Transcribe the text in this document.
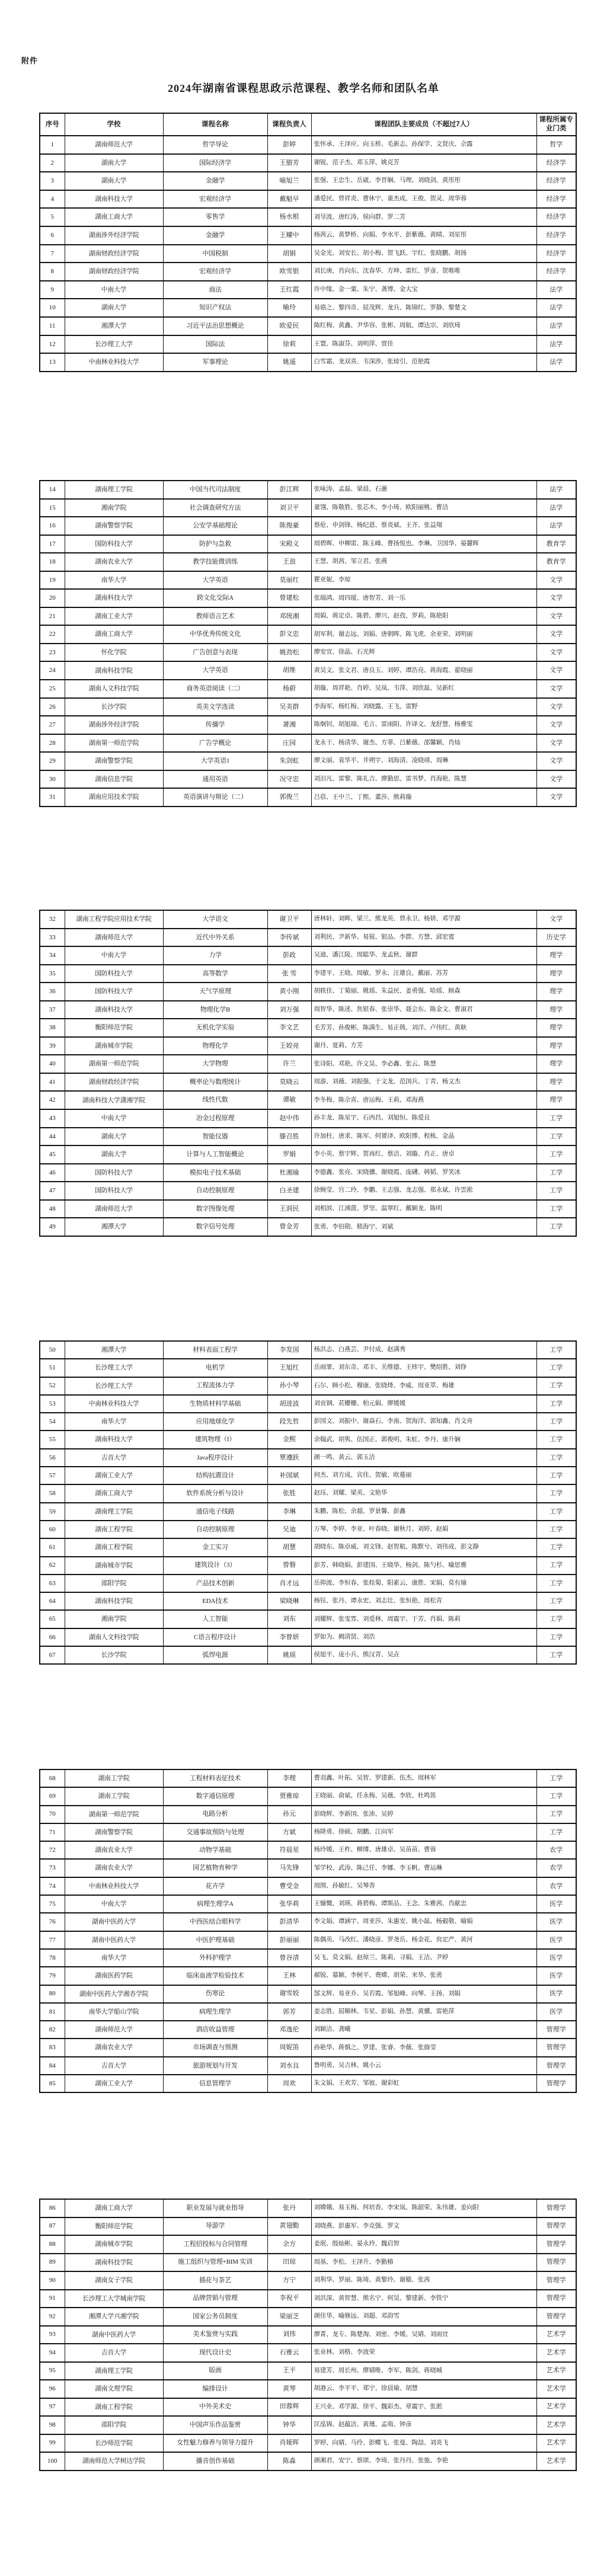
附件
2024年湖南省课程思政示范课程、教学名师和团队名单
序号	学校	课程名称	课程负责人	课程团队主要成员（不超过7人）	课程所属专业门类
1	湖南师范大学	哲学导论	彭婷	张怀承、王泽应、向玉桥、毛新志、孙保学、文贤庆、佘露	哲学
2	湖南大学	国际经济学	王腊芳	谢锐、范子杰、邓玉萍、姚克芳	经济学
3	湖南大学	金融学	喻旭兰	张强、王忠生、岳崴、李晋娴、马理、刘晓剑、黄彤彤	经济学
4	湖南科技大学	宏观经济学	戴魁早	潘爱民、曾祥炎、曹休宁、童杰成、王俊、贺灵、周华蓉	经济学
5	湖南工商大学	零售学	杨水根	刘导波、唐红涛、侯向群、罗二芳	经济学
6	湖南涉外经济学院	金融学	王耀中	杨茜云、黄梦桥、向娟、李水平、彭紫薇、黄晴、刘星彤	经济学
7	湖南财政经济学院	中国税制	胡娟	吴金光、刘安长、胡小梅、贺飞跃、宇红、张晓鹏、胡扬	经济学
8	湖南财政经济学院	宏观经济学	欧雪银	刘长庚、肖向东、沈春华、方坤、雷红、罗彦、贺唯唯	经济学
9	中南大学	商法	王红霞	许中缘、金一粟、朱宁、龚博、金大宝	法学
10	湖南大学	知识产权法	喻玲	易骆之、黎四奇、屈茂辉、龙兵、陈锦红、罗静、黎楚文	法学
11	湘潭大学	习近平法治思想概论	欧爱民	陈红梅、黄鑫、尹华容、张彬、周航、谭达宗、刘欣琦	法学
12	长沙理工大学	国际法	徐莉	王寰、陈淑芬、刘明萍、贾佳	法学
13	中南林业科技大学	军事理论	姚遥	白雪霜、龙双喜、韦深涉、张琼引、范艳霞	法学
14	湖南理工学院	中国当代司法制度	彭江辉	张咏涛、孟磊、梁晨、石蕙	法学
15	湘南学院	社会调查研究方法	刘卫平	童翎、陈敬胜、张芯木、李小琦、欧阳丽桃、曹洁	法学
16	湖南警察学院	公安学基础理论	陈俊豪	蔡伦、申剑锋、杨纪恩、蔡炎斌、王齐、张益翔	法学
17	国防科技大学	防护与急救	宋殿义	周碧晖、申柳雷、陈玉峰、曹扬悦也、李琳、卫国华、晏麓晖	教育学
18	湖南农业大学	教学技能微训练	王浪	王慧、胡茜、邹立君、张燕	教育学
19	南华大学	大学英语	莫丽红	瞿亚妮、李琼	文学
20	湖南科技大学	跨文化交际A	曾建松	张瑞鸿、周四瑷、唐智芳、刘一乐	文学
21	湖南工业大学	教师语言艺术	邓统湘	周娟、蒋定卓、陈碧、廖兴、赵孜、罗莉、陈艳阳	文学
22	湖南工商大学	中华优秀传统文化	彭文忠	胡军利、谢志远、刘娟、唐朝晖、陈飞虎、余亚荣、刘明丽	文学
23	怀化学院	广告创意与表现	姚劲松	廖安宜、徐晶、石光辉	文学
24	湖南科技学院	大学英语	胡维	黄昊文、张文君、唐良玉、刘婷、谭浩亮、蒋海霞、翟晓丽	文学
25	湖南人文科技学院	商务英语阅读（二）	杨蔚	胡璇、周祥艳、肖婷、吴岚、韦萍、刘欣磊、吴新红	文学
26	长沙学院	英美文学选读	吴美群	李海军、杨红梅、刘晓露、王飞、雷野	文学
27	湖南涉外经济学院	传播学	萧湘	陈炯钊、胡旭端、毛言、雷雨阳、许译文、龙舒慧、杨雅雯	文学
28	湖南第一师范学院	广告学概论	庄园	龙永干、杨清华、谢杰、方菲、吕紫薇、邵馨颖、肖灿	文学
29	湖南警察学院	大学英语1	朱剑虹	廖文丽、袁华平、井朔宇、刘海清、凌晓靖、周琳	文学
30	湖南信息学院	通用英语	况守忠	刘汨凡、雷黎、陈礼吉、廖勤思、雷书梦、肖海艳、陈慧	文学
31	湖南应用技术学院	英语演讲与辩论（二）	郭俊兰	吕蓓、王中兰、丁熙、董莎、熊莉璇	文学
32	湖南工程学院应用技术学院	大学语文	谢卫平	唐林轩、刘晖、梁兰、熊龙英、曾永卫、杨妍、邓学源	文学
33	湖南师范大学	近代中外关系	李传斌	刘利民、尹新华、易锐、银品、李群、方慧、邱宏霆	历史学
34	中南大学	力学	彭政	吴迪、潘江陵、周聪华、龙孟秋、谢群	理学
35	国防科技大学	高等数学	张 雪	李建平、王晓、周敏、罗永、汪雄良、戴丽、苏芳	理学
36	国防科技大学	天气学原理	黄小刚	胡轶佳、丁菊丽、姚瑶、朱益民、姜勇强、哈瑶、顾森	理学
37	湖南科技大学	物理化学B	刘万强	周智华、陈述、焦银春、张崇华、聂会东、陈金文、曹淑君	理学
38	衡阳师范学院	无机化学实验	李文艺	毛芳芳、孙俊彬、陈满生、易正戟、刘洋、卢伟红、黄耿	理学
39	湖南城市学院	物理化学	王姣亮	谢丹、夏莉、方芳	理学
40	湖南第一师范学院	大学物理	许兰	张诗阳、邓艳、许文昊、李必鑫、张云、陈慧	理学
41	湖南财政经济学院	概率论与数理统计	莫晓云	周游、刘薇、刘振强、于文龙、范国兵、丁青、杨文杰	理学
42	湖南科技大学潇湘学院	线性代数	谭敏	李冬梅、陈佘喜、唐运梅、王莉、邓海燕	理学
43	中南大学	冶金过程原理	赵中伟	孙丰龙、陈星宇、石西昌、刘旭恒、陈爱良	工学
44	湖南大学	智能仪器	滕召胜	许加柱、唐求、陈军、何赟泽、欧阳博、程栋、金晶	工学
45	湖南大学	计算与人工智能概论	罗娟	李小英、蔡宇辉、贺再红、蔡洁、刘璇、肖正、唐卓	工学
46	国防科技大学	模拟电子技术基础	杜湘瑜	李德鑫、张亮、宋晓骥、谢晓霞、庞礴、韩韬、罗笑冰	工学
47	国防科技大学	自动控制原理	白圣建	徐婉莹、宫二玲、李鹏、王志强、龙志强、郑永斌、许雲淞	工学
48	湖南师范大学	数字图像处理	王润民	刘相滨、江沸菠、罗坚、温翠红、戴颖龙、陈明	工学
49	湘潭大学	数字信号处理	曾金芳	张勇、李伯勋、嵇海宁、刘斌	工学
50	湘潭大学	材料表面工程学	李发国	杨洪志、白燕芸、尹付成、赵满秀	工学
51	长沙理工大学	电机学	王旭红	岳雨霏、刘东奇、邓丰、关维德、王炜宇、樊绍胜、刘铮	工学
52	长沙理工大学	工程流体力学	孙小琴	石尔、顾小松、穆康、张晓烽、李威、周亚萃、梅雄	工学
53	中南林业科技大学	生物质材料学基础	胡进波	刘贡钢、苌姗姗、柏元娟、廖媛媛	工学
54	南华大学	应用地球化学	段先哲	彭国文、刘振中、谢焱石、李南、贺海洋、郭知鑫、肖文舟	工学
55	湖南科技大学	建筑物理（I）	金熙	余翰武、胡隽、伍国正、郭俊明、朱虹、李丹、康升娴	工学
56	吉首大学	Java程序设计	覃遵跃	颜一鸣、黄云、郭玉洁	工学
57	湖南工业大学	结构抗震设计	补国斌	何杰、刘方成、宾佳、贺敏、欧蔓丽	工学
58	湖南工商大学	软件系统分析与设计	张胜	赵珏、刘耀、梁英、文艳华	工学
59	湖南理工学院	通信电子线路	李琳	朱鹏、陈松、余超、罗景馨、彭鑫	工学
60	湖南工程学院	自动控制原理	吴迪	万琴、李婷、李亚、叶春晓、谢秋月、刘婷、赵娟	工学
61	湖南工程学院	金工实习	胡慧	胡晓东、陈卓威、刘文锋、赵智航、陈默兮、刘伟成、彭文静	工学
62	湖南城市学院	建筑设计（3）	曾磐	彭芳、韩晓娟、彭建国、王晓华、杨剑、陈勺杉、喻思雅	工学
63	邵阳学院	产品技术创新	肖才远	岳抑波、李恒春、张桂菊、阳素云、康胜、宋娟、莫有瑜	工学
64	湖南科技学院	EDA技术	梁晓琳	杨钰、张丹、谭永宏、刘志壮、张恒艳、周松青	工学
65	湘南学院	人工智能	刘东	刘耀辉、张雯雰、刘爱林、周震宇、于芳、肖娟、陈莉	工学
66	湖南人文科技学院	C语言程序设计	李曾妍	罗如为、阙清贤、刘浩	工学
67	长沙学院	弧焊电源	姚瑶	侯旭平、庞小兵、熊汉青、吴垚	工学
68	湖南工学院	工程材料表征技术	李理	曹羽鑫、叶拓、吴智、罗建新、伍杰、周林军	工学
69	湖南工学院	数字通信原理	贾雅琼	王晓丽、俞斌、任永梅、吴薇、李欣、杜鸣笛	工学
70	湖南第一师范学院	电路分析	孙元	彭晓辉、李新国、张沛、吴婷	工学
71	湖南警察学院	交通事故预防与处理	方斌	杨降勇、徐硕、胡鹏、江向军	工学
72	湖南农业大学	动物学基础	符晨星	杨玲媛、王柞、柳博、唐雄卓、吴苗苗、曹蓉	农学
73	湖南农业大学	园艺植物育种学	马先锋	邹学校、武涛、陈己任、李娜、李玉帆、曹运琳	农学
74	中南林业科技大学	花卉学	曹受金	周围、孙敏红、吴琴香	农学
75	中南大学	病理生理学A	张华莉	王慷慨、刘瑛、蒋碧梅、谭斯品、王念、朱雅茜、肖献忠	医学
76	湖南中医药大学	中西医结合眼科学	彭清华	李文娟、谭涵宇、周亚莎、朱惠安、姚小磊、杨毅敬、喻娟	医学
77	湖南中医药大学	中医护理基础	彭丽丽	陈偶英、马改红、潘晓彦、罗尧岳、杨金花、贠定严、黄河	医学
78	南华大学	外科护理学	曾谷清	吴飞、莫文娟、赵琼兰、陈莉、寻娟、王洁、尹婷	医学
79	湖南医药学院	临床血液学检验技术	王林	郝锐、慕颖、李树平、费嫦、胡荣、米华、张勇	医学
80	湖南中医药大学湘杏学院	伤寒论	谢雪姣	郜文辉、易亚乔、吴若霞、邹旭峰、向琴、王扬、刘娟	医学
81	南华大学船山学院	病理生理学	郭芳	姜志胜、屈顺林、韦星、彭娟、孙慧、黄骥、雷艳萍	医学
82	湖南师范大学	酒店收益管理	邓逸伦	刘颖洁、龚曦	管理学
83	湖南农业大学	市场调查与预测	周妮笛	孙艳华、蒋慎之、罗建、张睿、李薇、张旖莹	管理学
84	吉首大学	旅游规划与开发	刘水良	鲁明勇、吴吉林、姚小云	管理学
85	湖南工业大学	信息管理学	周欢	朱文娟、王欢芳、邹彼、谢彩虹	管理学
86	湖南工商大学	职业发展与就业指导	张丹	刘嫦娥、易玉梅、何培香、李宋岚、陈韶荣、朱伟雄、姜向阳	管理学
87	衡阳师范学院	导游学	黄翅勤	刘晓燕、彭惠军、李克强、罗文	管理学
88	湖南城市学院	工程招投标与合同管理	余方	姜珉、殷灿彬、晏永玲、魏启智	管理学
89	湖南科技学院	施工组织与管理+BIM 实训	田琼	周基、李松、王泽升、李勤椿	管理学
90	湖南女子学院	插花与茶艺	方宁	刘利华、罗丽、陈琦、黄黎玲、谢穑、张茜	管理学
91	长沙理工大学城南学院	品牌营销与管理	李祝平	刘洪深、黄智慧、熊名宁、何昊、黎建新、李铁宁	管理学
92	湘潭大学兴湘学院	国家公务员制度	梁丽芝	颜佳华、喻修远、刘超、邓韵雪	管理学
93	湖南中医药大学	美术鉴赏与实践	刘伟	廖菁、龙专、陈楚淘、刘密、李媛、吴婧、刘雨宜	艺术学
94	吉首大学	现代设计史	石雅云	张业林、刘格、李波荣	艺术学
95	湖南理工学院	版画	王平	易建芳、周长州、廖婧唯、李军、陈剑、蒋晓城	艺术学
96	湖南文理学院	编排设计	黄琴	胡港云、李平平、郑宁、徐晨瑜、胡慧	艺术学
97	湖南工程学院	中外美术史	田蓉辉	王兴业、邓学源、徐平、魏彩杰、章震宇、张淞	艺术学
98	邵阳学院	中国声乐作品鉴赏	钟华	匡泓锦、赵蕴洁、黄瑾、孟萌、钟彦	艺术学
99	长沙师范学院	女性魅力修养与领导力提升	肖娅晖	罗婷、向婧、马伶、彭蝶飞、张曼、陶喆、刘炎飞	艺术学
100	湖南师范大学树达学院	播音创作基础	陈淼	颜湘君、安宁、蔡颂、李琦、张丹丹、张弛、李艳	艺术学
